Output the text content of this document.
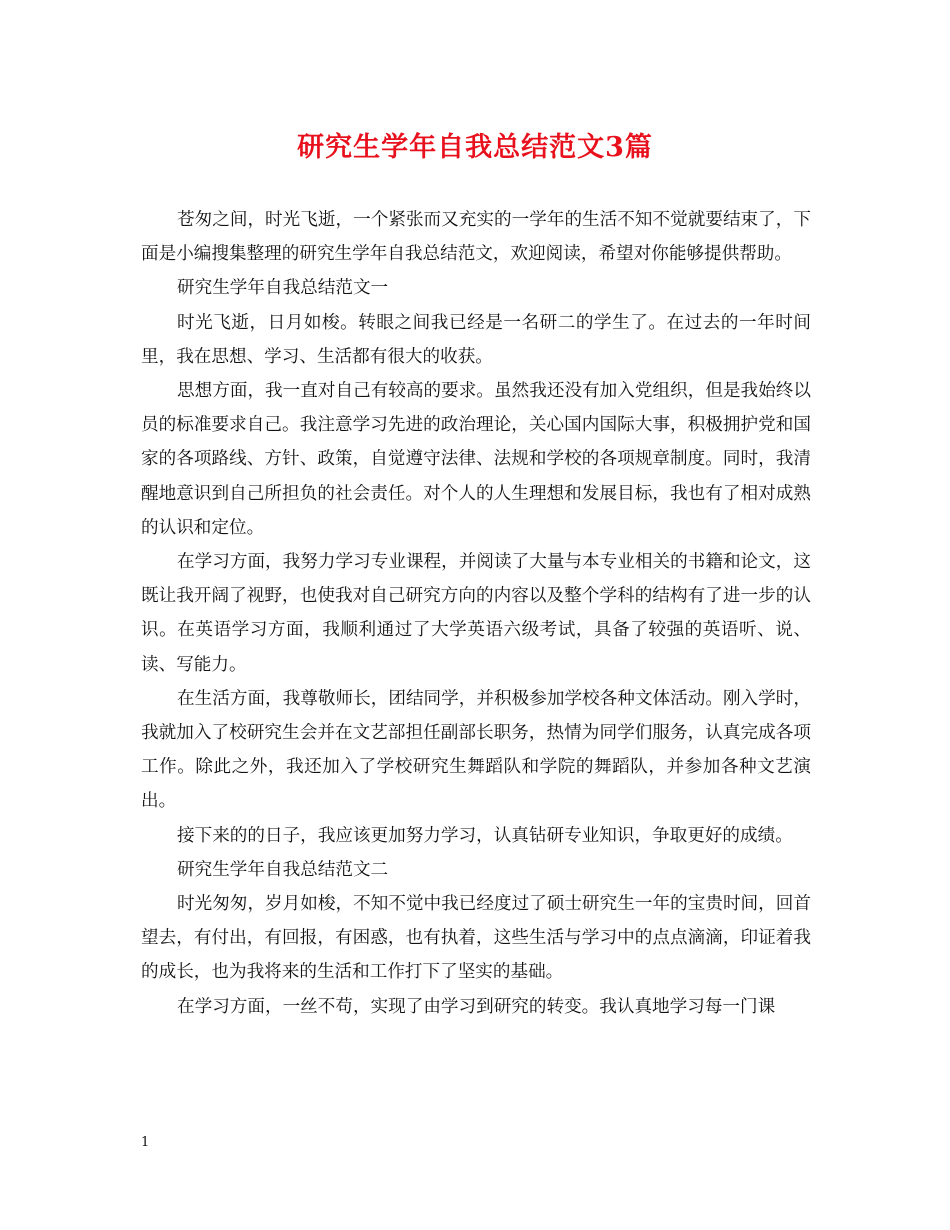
研究生学年自我总结范文3篇

苍匆之间，时光飞逝，一个紧张而又充实的一学年的生活不知不觉就要结束了，下面是小编搜集整理的研究生学年自我总结范文，欢迎阅读，希望对你能够提供帮助。

研究生学年自我总结范文一

时光飞逝，日月如梭。转眼之间我已经是一名研二的学生了。在过去的一年时间里，我在思想、学习、生活都有很大的收获。

思想方面，我一直对自己有较高的要求。虽然我还没有加入党组织，但是我始终以员的标准要求自己。我注意学习先进的政治理论，关心国内国际大事，积极拥护党和国家的各项路线、方针、政策，自觉遵守法律、法规和学校的各项规章制度。同时，我清醒地意识到自己所担负的社会责任。对个人的人生理想和发展目标，我也有了相对成熟的认识和定位。

在学习方面，我努力学习专业课程，并阅读了大量与本专业相关的书籍和论文，这既让我开阔了视野，也使我对自己研究方向的内容以及整个学科的结构有了进一步的认识。在英语学习方面，我顺利通过了大学英语六级考试，具备了较强的英语听、说、读、写能力。

在生活方面，我尊敬师长，团结同学，并积极参加学校各种文体活动。刚入学时，我就加入了校研究生会并在文艺部担任副部长职务，热情为同学们服务，认真完成各项工作。除此之外，我还加入了学校研究生舞蹈队和学院的舞蹈队，并参加各种文艺演出。

接下来的的日子，我应该更加努力学习，认真钻研专业知识，争取更好的成绩。

研究生学年自我总结范文二

时光匆匆，岁月如梭，不知不觉中我已经度过了硕士研究生一年的宝贵时间，回首望去，有付出，有回报，有困惑，也有执着，这些生活与学习中的点点滴滴，印证着我的成长，也为我将来的生活和工作打下了坚实的基础。

在学习方面，一丝不苟，实现了由学习到研究的转变。我认真地学习每一门课

1
